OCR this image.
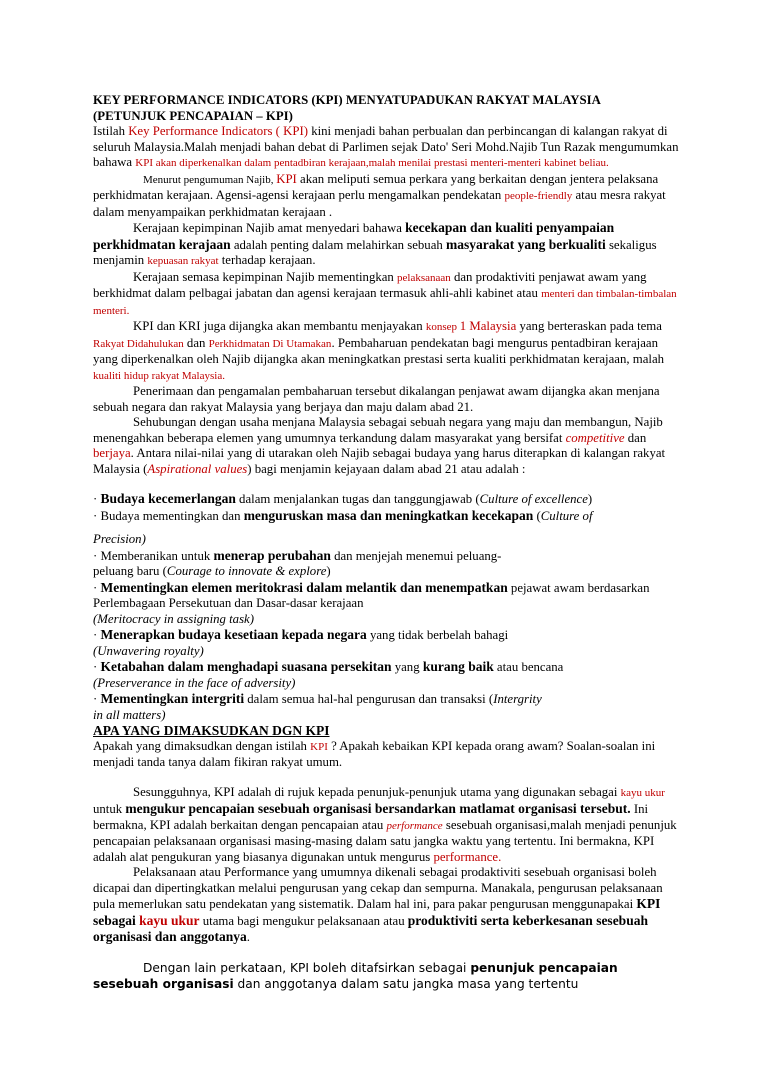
KEY PERFORMANCE INDICATORS (KPI) MENYATUPADUKAN RAKYAT MALAYSIA
(PETUNJUK PENCAPAIAN – KPI)

Istilah Key Performance Indicators ( KPI) kini menjadi bahan perbualan dan perbincangan di kalangan rakyat di seluruh Malaysia.Malah menjadi bahan debat di Parlimen sejak Dato' Seri Mohd.Najib Tun Razak mengumumkan bahawa KPI akan diperkenalkan dalam pentadbiran kerajaan,malah menilai prestasi menteri-menteri kabinet beliau.

Menurut pengumuman Najib, KPI akan meliputi semua perkara yang berkaitan dengan jentera pelaksana perkhidmatan kerajaan. Agensi-agensi kerajaan perlu mengamalkan pendekatan people-friendly atau mesra rakyat dalam menyampaikan perkhidmatan kerajaan .

Kerajaan kepimpinan Najib amat menyedari bahawa kecekapan dan kualiti penyampaian perkhidmatan kerajaan adalah penting dalam melahirkan sebuah masyarakat yang berkualiti sekaligus menjamin kepuasan rakyat terhadap kerajaan.

Kerajaan semasa kepimpinan Najib mementingkan pelaksanaan dan prodaktiviti penjawat awam yang berkhidmat dalam pelbagai jabatan dan agensi kerajaan termasuk ahli-ahli kabinet atau menteri dan timbalan-timbalan menteri.

KPI dan KRI juga dijangka akan membantu menjayakan konsep 1 Malaysia yang berteraskan pada tema Rakyat Didahulukan dan Perkhidmatan Di Utamakan. Pembaharuan pendekatan bagi mengurus pentadbiran kerajaan yang diperkenalkan oleh Najib dijangka akan meningkatkan prestasi serta kualiti perkhidmatan kerajaan, malah kualiti hidup rakyat Malaysia.

Penerimaan dan pengamalan pembaharuan tersebut dikalangan penjawat awam dijangka akan menjana sebuah negara dan rakyat Malaysia yang berjaya dan maju dalam abad 21.

Sehubungan dengan usaha menjana Malaysia sebagai sebuah negara yang maju dan membangun, Najib menengahkan beberapa elemen yang umumnya terkandung dalam masyarakat yang bersifat competitive dan berjaya. Antara nilai-nilai yang di utarakan oleh Najib sebagai budaya yang harus diterapkan di kalangan rakyat Malaysia (Aspirational values) bagi menjamin kejayaan dalam abad 21 atau adalah :

· Budaya kecemerlangan dalam menjalankan tugas dan tanggungjawab (Culture of excellence)

· Budaya mementingkan dan menguruskan masa dan meningkatkan kecekapan (Culture of

Precision)

· Memberanikan untuk menerap perubahan dan menjejah menemui peluang-
peluang baru (Courage to innovate & explore)

· Mementingkan elemen meritokrasi dalam melantik dan menempatkan pejawat awam berdasarkan Perlembagaan Persekutuan dan Dasar-dasar kerajaan
(Meritocracy in assigning task)

· Menerapkan budaya kesetiaan kepada negara yang tidak berbelah bahagi
(Unwavering royalty)

· Ketabahan dalam menghadapi suasana persekitan yang kurang baik atau bencana
(Preserverance in the face of adversity)

· Mementingkan intergriti dalam semua hal-hal pengurusan dan transaksi (Intergrity
in all matters)

APA YANG DIMAKSUDKAN DGN KPI

Apakah yang dimaksudkan dengan istilah KPI ? Apakah kebaikan KPI kepada orang awam? Soalan-soalan ini menjadi tanda tanya dalam fikiran rakyat umum.

Sesungguhnya, KPI adalah di rujuk kepada penunjuk-penunjuk utama yang digunakan sebagai kayu ukur untuk mengukur pencapaian sesebuah organisasi bersandarkan matlamat organisasi tersebut. Ini bermakna, KPI adalah berkaitan dengan pencapaian atau performance sesebuah organisasi,malah menjadi penunjuk pencapaian pelaksanaan organisasi masing-masing dalam satu jangka waktu yang tertentu. Ini bermakna, KPI adalah alat pengukuran yang biasanya digunakan untuk mengurus performance.

Pelaksanaan atau Performance yang umumnya dikenali sebagai prodaktiviti sesebuah organisasi boleh dicapai dan dipertingkatkan melalui pengurusan yang cekap dan sempurna. Manakala, pengurusan pelaksanaan pula memerlukan satu pendekatan yang sistematik. Dalam hal ini, para pakar pengurusan menggunapakai KPI sebagai kayu ukur utama bagi mengukur pelaksanaan atau produktiviti serta keberkesanan sesebuah organisasi dan anggotanya.

Dengan lain perkataan, KPI boleh ditafsirkan sebagai penunjuk pencapaian sesebuah organisasi dan anggotanya dalam satu jangka masa yang tertentu
